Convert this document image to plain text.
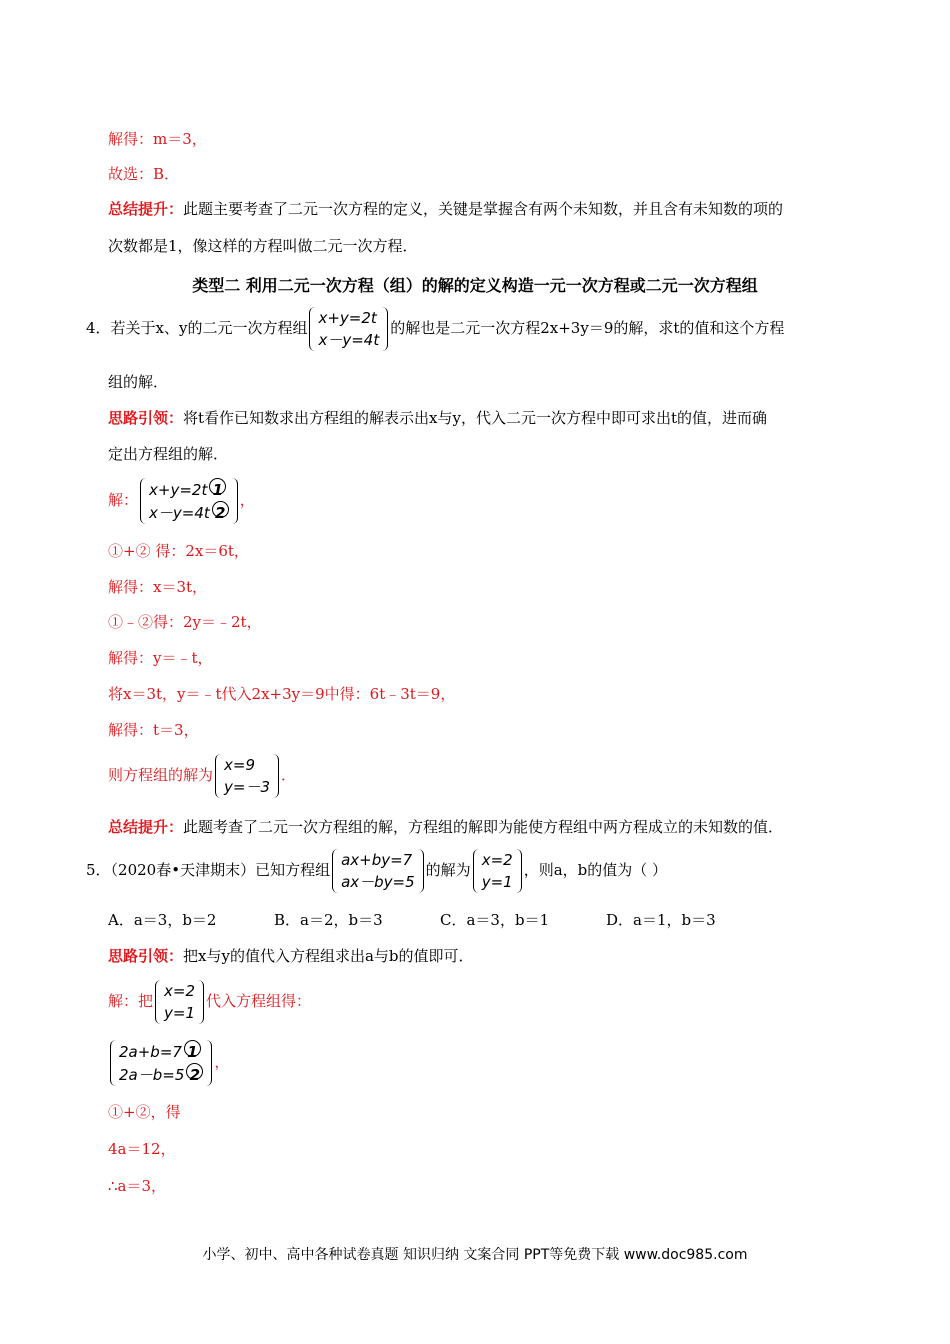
解得：m＝3，
故选：B．
总结提升：此题主要考查了二元一次方程的定义，关键是掌握含有两个未知数，并且含有未知数的项的
次数都是1，像这样的方程叫做二元一次方程．
类型二 利用二元一次方程（组）的解的定义构造一元一次方程或二元一次方程组
4．若关于x、y的二元一次方程组
x+y=2t
x－y=4t
的解也是二元一次方程2x+3y＝9的解，求t的值和这个方程
组的解．
思路引领：将t看作已知数求出方程组的解表示出x与y，代入二元一次方程中即可求出t的值，进而确
定出方程组的解．
解：
x+y=2t 1
x－y=4t 2
，
①+② 得：2x＝6t，
解得：x＝3t，
①﹣②得：2y＝﹣2t，
解得：y＝﹣t，
将x＝3t，y＝﹣t代入2x+3y＝9中得：6t﹣3t＝9，
解得：t＝3，
则方程组的解为
x=9
y=－3
．
总结提升：此题考查了二元一次方程组的解，方程组的解即为能使方程组中两方程成立的未知数的值．
5．（2020春•天津期末）已知方程组
ax+by=7
ax－by=5
的解为
x=2
y=1
，则a，b的值为（ ）
A．a＝3，b＝2	B．a＝2，b＝3	C．a＝3，b＝1	D．a＝1，b＝3
思路引领：把x与y的值代入方程组求出a与b的值即可．
解：把
x=2
y=1
代入方程组得：
2a+b=7 1
2a－b=5 2
，
①+②，得
4a＝12，
∴a＝3，
小学、初中、高中各种试卷真题 知识归纳 文案合同 PPT等免费下载 www.doc985.com
